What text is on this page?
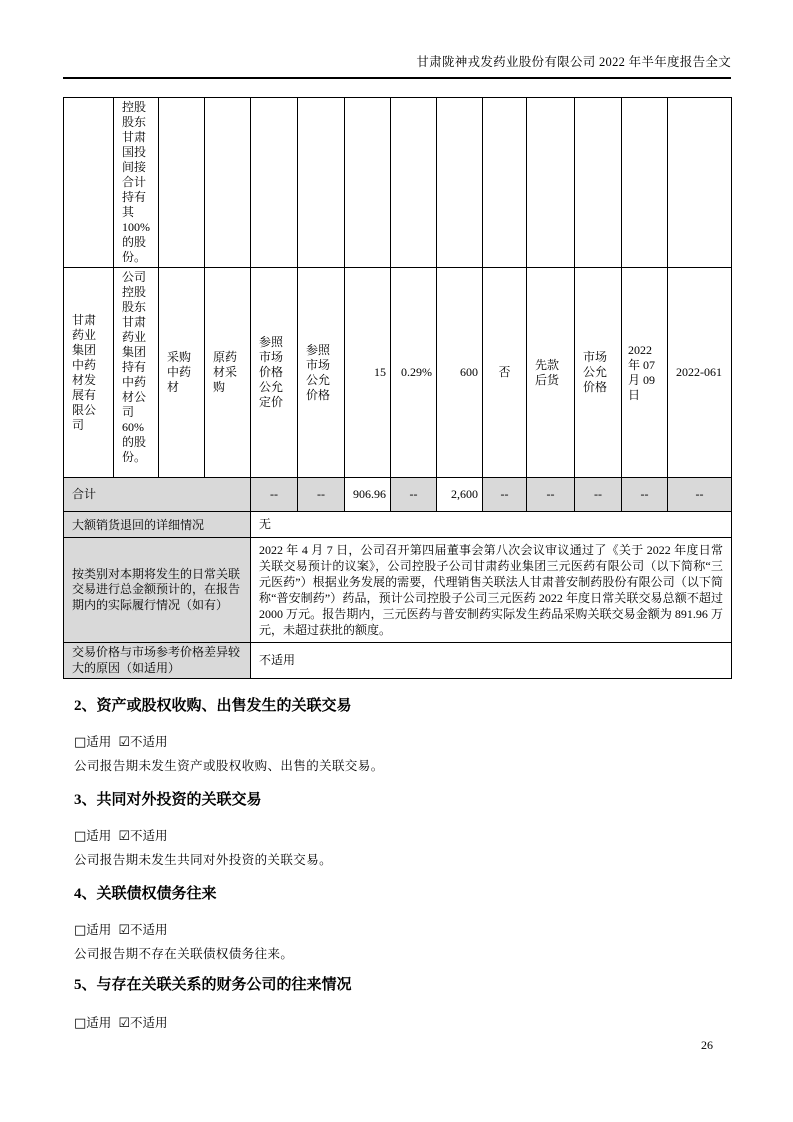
甘肃陇神戎发药业股份有限公司 2022 年半年度报告全文
	控股股东甘肃国投间接合计持有其100%的股份。												
甘肃药业集团中药材发展有限公司	公司控股股东甘肃药业集团持有中药材公司60%的股份。	采购中药材	原药材采购	参照市场价格公允定价	参照市场公允价格	15	0.29%	600	否	先款后货	市场公允价格	2022 年 07 月 09 日	2022-061
合计				--	--	906.96	--	2,600	--	--	--	--	--
大额销货退回的详细情况				无									
按类别对本期将发生的日常关联交易进行总金额预计的，在报告期内的实际履行情况（如有）				2022 年 4 月 7 日，公司召开第四届董事会第八次会议审议通过了《关于 2022 年度日常关联交易预计的议案》，公司控股子公司甘肃药业集团三元医药有限公司（以下简称“三元医药”）根据业务发展的需要，代理销售关联法人甘肃普安制药股份有限公司（以下简称“普安制药”）药品，预计公司控股子公司三元医药 2022 年度日常关联交易总额不超过 2000 万元。报告期内，三元医药与普安制药实际发生药品采购关联交易金额为 891.96 万元，未超过获批的额度。									
交易价格与市场参考价格差异较大的原因（如适用）				不适用									
2、资产或股权收购、出售发生的关联交易
□适用 ☑不适用
公司报告期未发生资产或股权收购、出售的关联交易。
3、共同对外投资的关联交易
□适用 ☑不适用
公司报告期未发生共同对外投资的关联交易。
4、关联债权债务往来
□适用 ☑不适用
公司报告期不存在关联债权债务往来。
5、与存在关联关系的财务公司的往来情况
□适用 ☑不适用
26
